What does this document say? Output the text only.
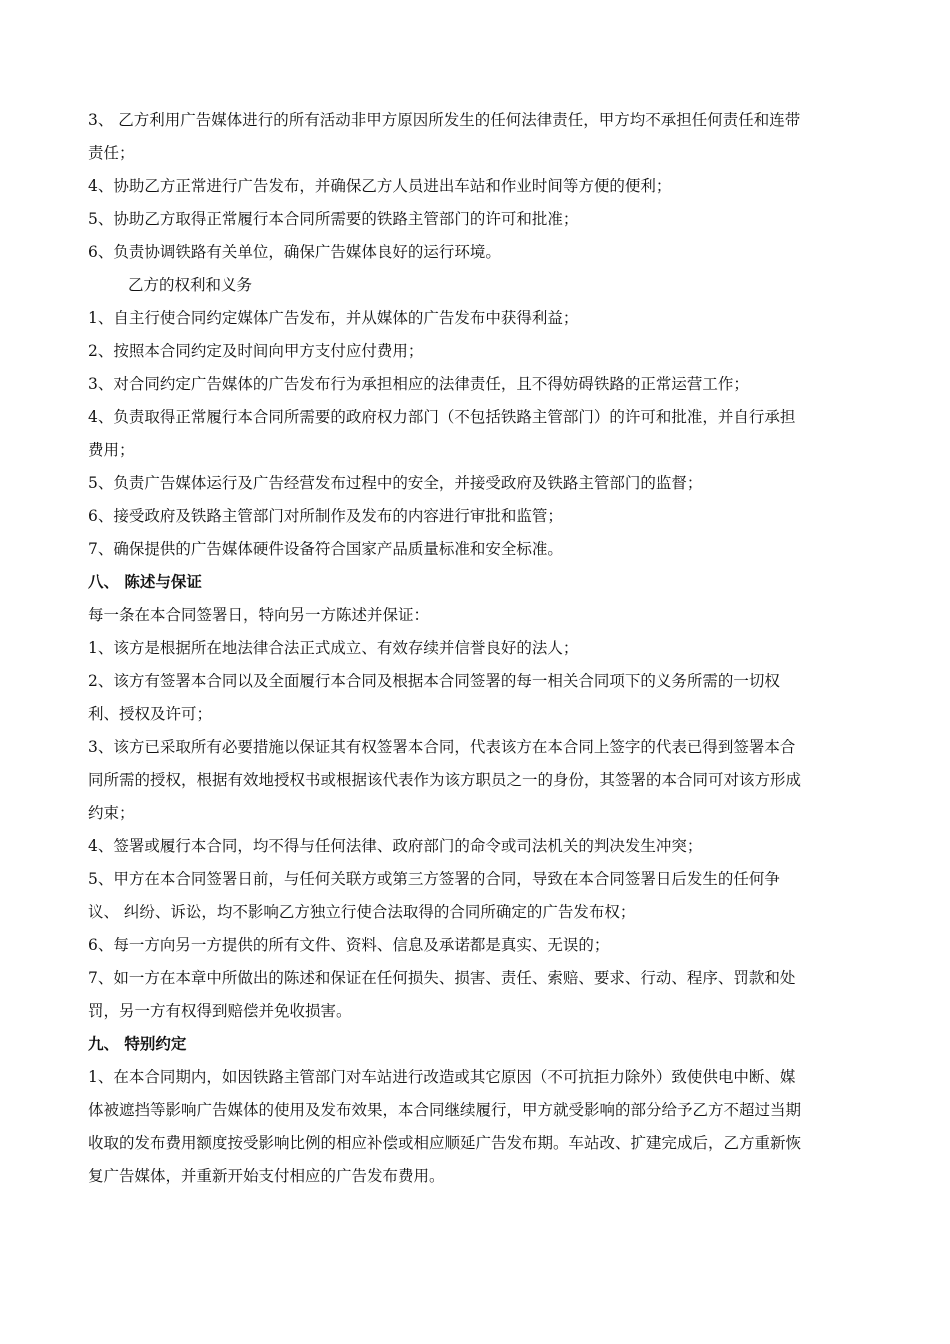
3、 乙方利用广告媒体进行的所有活动非甲方原因所发生的任何法律责任，甲方均不承担任何责任和连带
责任；
4、协助乙方正常进行广告发布，并确保乙方人员进出车站和作业时间等方便的便利；
5、协助乙方取得正常履行本合同所需要的铁路主管部门的许可和批准；
6、负责协调铁路有关单位，确保广告媒体良好的运行环境。
乙方的权利和义务
1、自主行使合同约定媒体广告发布，并从媒体的广告发布中获得利益；
2、按照本合同约定及时间向甲方支付应付费用；
3、对合同约定广告媒体的广告发布行为承担相应的法律责任，且不得妨碍铁路的正常运营工作；
4、负责取得正常履行本合同所需要的政府权力部门（不包括铁路主管部门）的许可和批准，并自行承担
费用；
5、负责广告媒体运行及广告经营发布过程中的安全，并接受政府及铁路主管部门的监督；
6、接受政府及铁路主管部门对所制作及发布的内容进行审批和监管；
7、确保提供的广告媒体硬件设备符合国家产品质量标准和安全标准。
八、 陈述与保证
每一条在本合同签署日，特向另一方陈述并保证：
1、该方是根据所在地法律合法正式成立、有效存续并信誉良好的法人；
2、该方有签署本合同以及全面履行本合同及根据本合同签署的每一相关合同项下的义务所需的一切权
利、授权及许可；
3、该方已采取所有必要措施以保证其有权签署本合同，代表该方在本合同上签字的代表已得到签署本合
同所需的授权，根据有效地授权书或根据该代表作为该方职员之一的身份，其签署的本合同可对该方形成
约束；
4、签署或履行本合同，均不得与任何法律、政府部门的命令或司法机关的判决发生冲突；
5、甲方在本合同签署日前，与任何关联方或第三方签署的合同，导致在本合同签署日后发生的任何争
议、 纠纷、诉讼，均不影响乙方独立行使合法取得的合同所确定的广告发布权；
6、每一方向另一方提供的所有文件、资料、信息及承诺都是真实、无误的；
7、如一方在本章中所做出的陈述和保证在任何损失、损害、责任、索赔、要求、行动、程序、罚款和处
罚，另一方有权得到赔偿并免收损害。
九、 特别约定
1、在本合同期内，如因铁路主管部门对车站进行改造或其它原因（不可抗拒力除外）致使供电中断、媒
体被遮挡等影响广告媒体的使用及发布效果，本合同继续履行，甲方就受影响的部分给予乙方不超过当期
收取的发布费用额度按受影响比例的相应补偿或相应顺延广告发布期。车站改、扩建完成后，乙方重新恢
复广告媒体，并重新开始支付相应的广告发布费用。
